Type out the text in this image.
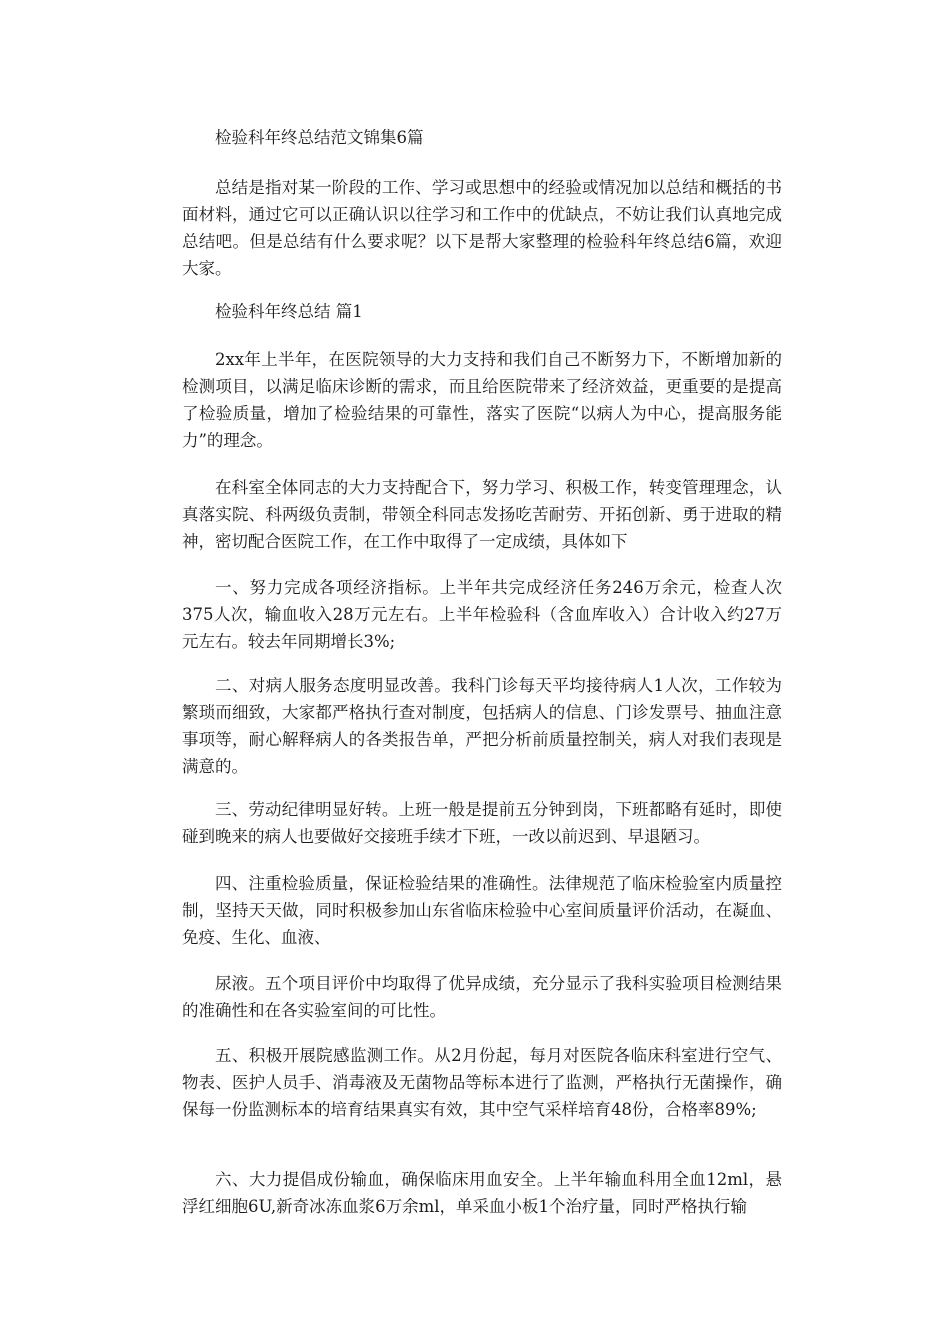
检验科年终总结范文锦集6篇

总结是指对某一阶段的工作、学习或思想中的经验或情况加以总结和概括的书面材料，通过它可以正确认识以往学习和工作中的优缺点，不妨让我们认真地完成总结吧。但是总结有什么要求呢？以下是帮大家整理的检验科年终总结6篇，欢迎大家。

检验科年终总结 篇1

2xx年上半年，在医院领导的大力支持和我们自己不断努力下，不断增加新的检测项目，以满足临床诊断的需求，而且给医院带来了经济效益，更重要的是提高了检验质量，增加了检验结果的可靠性，落实了医院“以病人为中心，提高服务能力”的理念。

在科室全体同志的大力支持配合下，努力学习、积极工作，转变管理理念，认真落实院、科两级负责制，带领全科同志发扬吃苦耐劳、开拓创新、勇于进取的精神，密切配合医院工作，在工作中取得了一定成绩，具体如下

一、努力完成各项经济指标。上半年共完成经济任务246万余元，检查人次375人次，输血收入28万元左右。上半年检验科（含血库收入）合计收入约27万元左右。较去年同期增长3%;

二、对病人服务态度明显改善。我科门诊每天平均接待病人1人次，工作较为繁琐而细致，大家都严格执行查对制度，包括病人的信息、门诊发票号、抽血注意事项等，耐心解释病人的各类报告单，严把分析前质量控制关，病人对我们表现是满意的。

三、劳动纪律明显好转。上班一般是提前五分钟到岗，下班都略有延时，即使碰到晚来的病人也要做好交接班手续才下班，一改以前迟到、早退陋习。

四、注重检验质量，保证检验结果的准确性。法律规范了临床检验室内质量控制，坚持天天做，同时积极参加山东省临床检验中心室间质量评价活动，在凝血、免疫、生化、血液、

尿液。五个项目评价中均取得了优异成绩，充分显示了我科实验项目检测结果的准确性和在各实验室间的可比性。

五、积极开展院感监测工作。从2月份起，每月对医院各临床科室进行空气、物表、医护人员手、消毒液及无菌物品等标本进行了监测，严格执行无菌操作，确保每一份监测标本的培育结果真实有效，其中空气采样培育48份，合格率89%;

六、大力提倡成份输血，确保临床用血安全。上半年输血科用全血12ml，悬浮红细胞6U,新奇冰冻血浆6万余ml，单采血小板1个治疗量，同时严格执行输
